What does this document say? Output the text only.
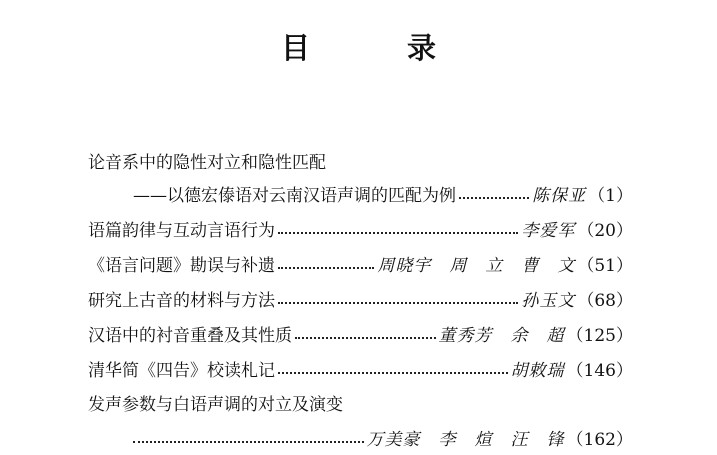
目　录
论音系中的隐性对立和隐性匹配
——以德宏傣语对云南汉语声调的匹配为例	陈保亚 （1）
语篇韵律与互动言语行为	李爱军 （20）
《语言问题》勘误与补遗	周晓宇　周　立　曹　文 （51）
研究上古音的材料与方法	孙玉文 （68）
汉语中的衬音重叠及其性质	董秀芳　余　超 （125）
清华简《四告》校读札记	胡敕瑞 （146）
发声参数与白语声调的对立及演变
万美豪　李　煊　汪　锋 （162）
